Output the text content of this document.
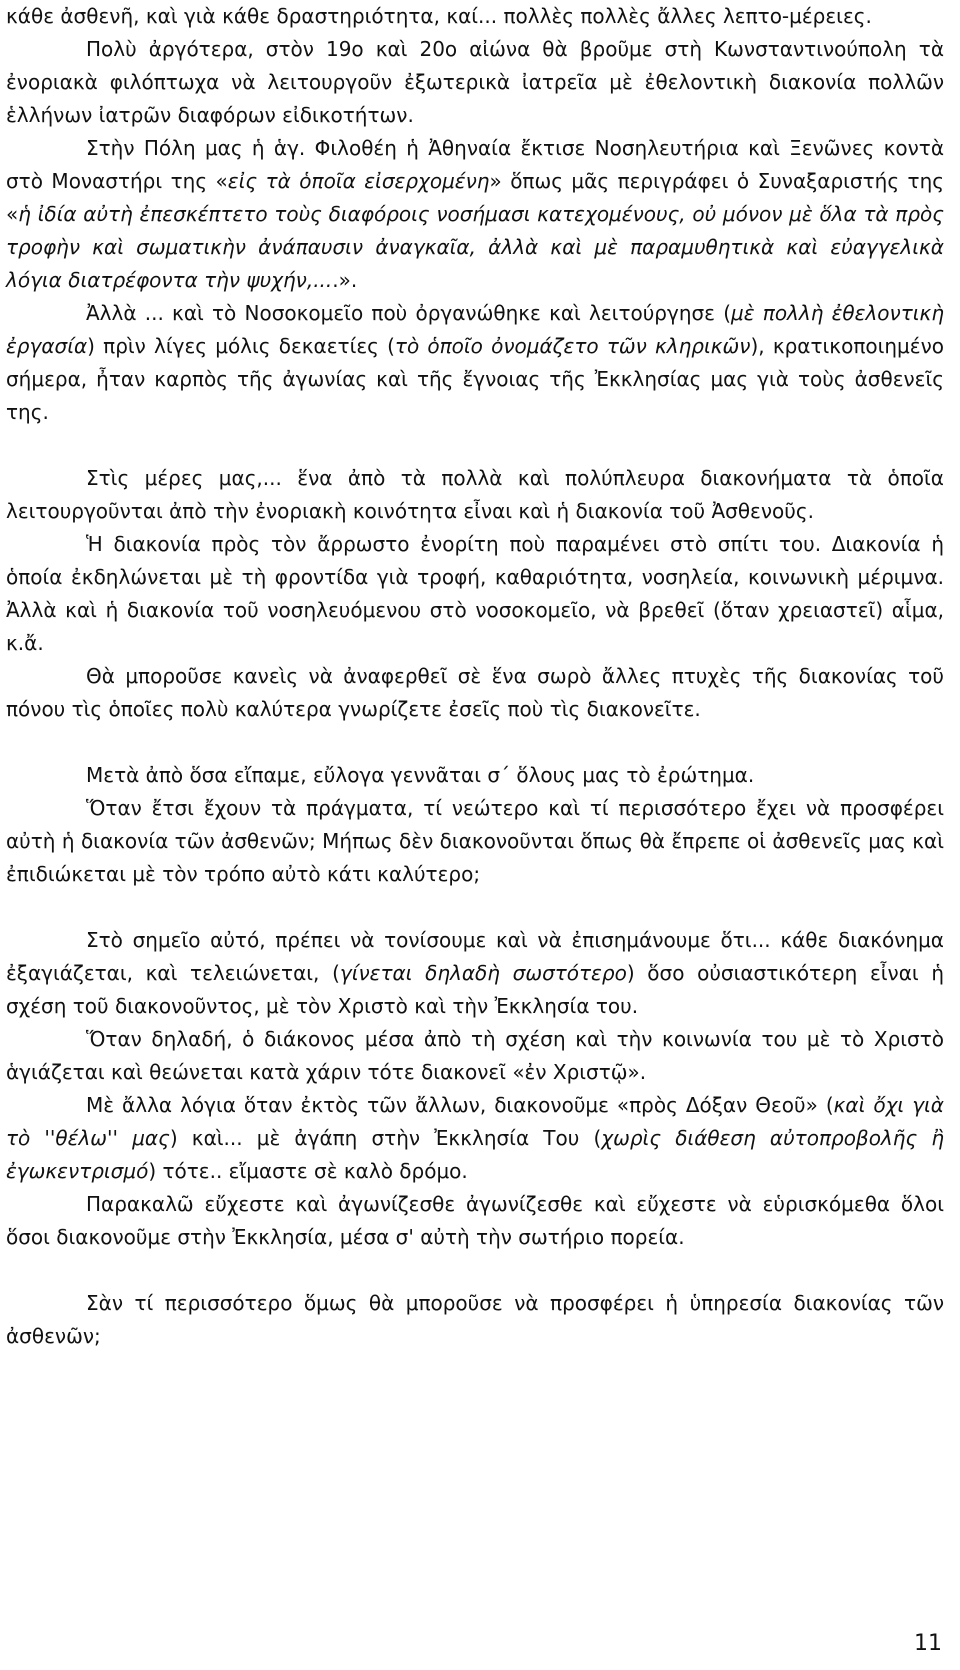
κάθε ἀσθενῆ, καὶ γιὰ κάθε δραστηριότητα, καί... πολλὲς πολλὲς ἄλλες λεπτο-μέρειες.

Πολὺ ἀργότερα, στὸν 19ο καὶ 20ο αἰώνα θὰ βροῦμε στὴ Κωνσταντινούπολη τὰ ἐνοριακὰ φιλόπτωχα νὰ λειτουργοῦν ἐξωτερικὰ ἰατρεῖα μὲ ἐθελοντικὴ διακονία πολλῶν ἑλλήνων ἰατρῶν διαφόρων εἰδικοτήτων.

Στὴν Πόλη μας ἡ ἁγ. Φιλοθέη ἡ Ἀθηναία ἔκτισε Νοσηλευτήρια καὶ Ξενῶνες κοντὰ στὸ Μοναστήρι της «εἰς τὰ ὁποῖα εἰσερχομένη» ὅπως μᾶς περιγράφει ὁ Συναξαριστής της «ἡ ἰδία αὐτὴ ἐπεσκέπτετο τοὺς διαφόροις νοσήμασι κατεχομένους, οὐ μόνον μὲ ὅλα τὰ πρὸς τροφὴν καὶ σωματικὴν ἀνάπαυσιν ἀναγκαῖα, ἀλλὰ καὶ μὲ παραμυθητικὰ καὶ εὐαγγελικὰ λόγια διατρέφοντα τὴν ψυχήν,....».

Ἀλλὰ ... καὶ τὸ Νοσοκομεῖο ποὺ ὀργανώθηκε καὶ λειτούργησε (μὲ πολλὴ ἐθελοντικὴ ἐργασία) πρὶν λίγες μόλις δεκαετίες (τὸ ὁποῖο ὀνομάζετο τῶν κληρικῶν), κρατικοποιημένο σήμερα, ἦταν καρπὸς τῆς ἀγωνίας καὶ τῆς ἔγνοιας τῆς Ἐκκλησίας μας γιὰ τοὺς ἀσθενεῖς της.

Στὶς μέρες μας,... ἕνα ἀπὸ τὰ πολλὰ καὶ πολύπλευρα διακονήματα τὰ ὁποῖα λειτουργοῦνται ἀπὸ τὴν ἐνοριακὴ κοινότητα εἶναι καὶ ἡ διακονία τοῦ Ἀσθενοῦς.

Ἡ διακονία πρὸς τὸν ἄρρωστο ἐνορίτη ποὺ παραμένει στὸ σπίτι του. Διακονία ἡ ὁποία ἐκδηλώνεται μὲ τὴ φροντίδα γιὰ τροφή, καθαριότητα, νοσηλεία, κοινωνικὴ μέριμνα. Ἀλλὰ καὶ ἡ διακονία τοῦ νοσηλευόμενου στὸ νοσοκομεῖο, νὰ βρεθεῖ (ὅταν χρειαστεῖ) αἷμα, κ.ἄ.

Θὰ μποροῦσε κανεὶς νὰ ἀναφερθεῖ σὲ ἕνα σωρὸ ἄλλες πτυχὲς τῆς διακονίας τοῦ πόνου τὶς ὁποῖες πολὺ καλύτερα γνωρίζετε ἐσεῖς ποὺ τὶς διακονεῖτε.

Μετὰ ἀπὸ ὅσα εἴπαμε, εὔλογα γεννᾶται σ΄ ὅλους μας τὸ ἐρώτημα.

Ὅταν ἔτσι ἔχουν τὰ πράγματα, τί νεώτερο καὶ τί περισσότερο ἔχει νὰ προσφέρει αὐτὴ ἡ διακονία τῶν ἀσθενῶν; Μήπως δὲν διακονοῦνται ὅπως θὰ ἔπρεπε οἱ ἀσθενεῖς μας καὶ ἐπιδιώκεται μὲ τὸν τρόπο αὐτὸ κάτι καλύτερο;

Στὸ σημεῖο αὐτό, πρέπει νὰ τονίσουμε καὶ νὰ ἐπισημάνουμε ὅτι... κάθε διακόνημα ἐξαγιάζεται, καὶ τελειώνεται, (γίνεται δηλαδὴ σωστότερο) ὅσο οὐσιαστικότερη εἶναι ἡ σχέση τοῦ διακονοῦντος, μὲ τὸν Χριστὸ καὶ τὴν Ἐκκλησία του.

Ὅταν δηλαδή, ὁ διάκονος μέσα ἀπὸ τὴ σχέση καὶ τὴν κοινωνία του μὲ τὸ Χριστὸ ἁγιάζεται καὶ θεώνεται κατὰ χάριν τότε διακονεῖ «ἐν Χριστῷ».

Μὲ ἄλλα λόγια ὅταν ἐκτὸς τῶν ἄλλων, διακονοῦμε «πρὸς Δόξαν Θεοῦ» (καὶ ὄχι γιὰ τὸ ''θέλω'' μας) καὶ... μὲ ἀγάπη στὴν Ἐκκλησία Του (χωρὶς διάθεση αὐτοπροβολῆς ἢ ἐγωκεντρισμό) τότε.. εἴμαστε σὲ καλὸ δρόμο.

Παρακαλῶ εὔχεστε καὶ ἀγωνίζεσθε ἀγωνίζεσθε καὶ εὔχεστε νὰ εὑρισκόμεθα ὅλοι ὅσοι διακονοῦμε στὴν Ἐκκλησία, μέσα σ' αὐτὴ τὴν σωτήριο πορεία.

Σὰν τί περισσότερο ὅμως θὰ μποροῦσε νὰ προσφέρει ἡ ὑπηρεσία διακονίας τῶν ἀσθενῶν;

11
